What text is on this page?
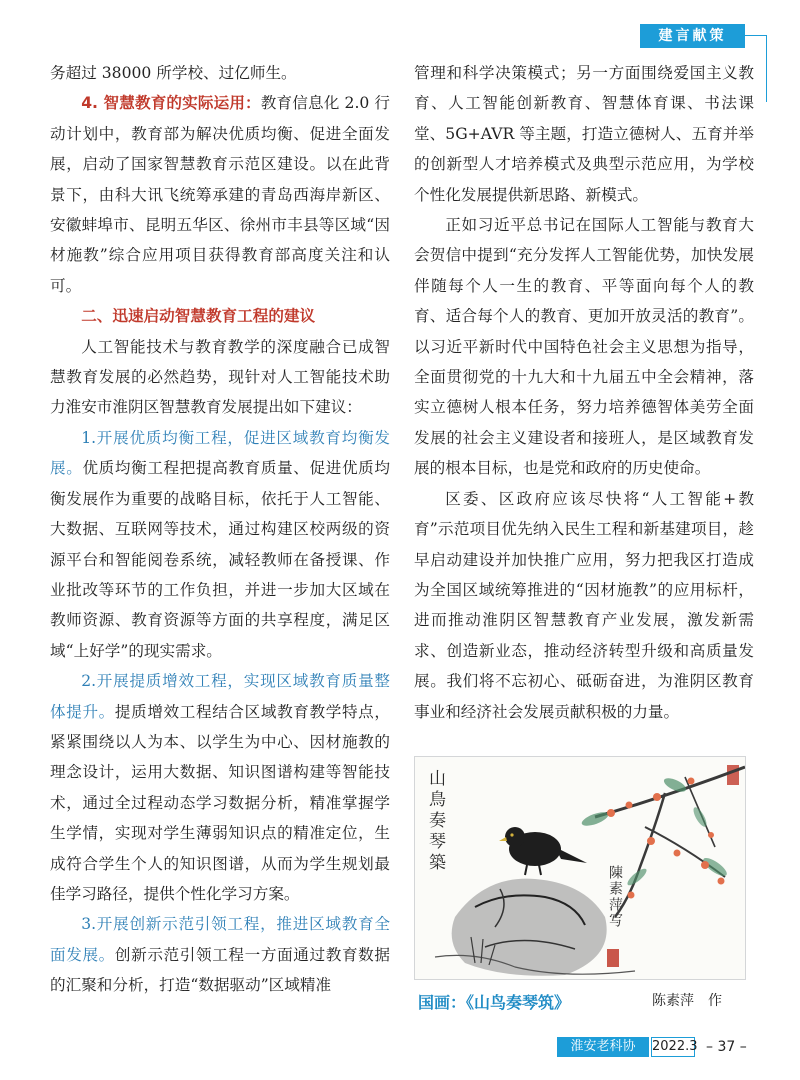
建言献策

务超过 38000 所学校、过亿师生。

4. 智慧教育的实际运用：教育信息化 2.0 行动计划中，教育部为解决优质均衡、促进全面发展，启动了国家智慧教育示范区建设。以在此背景下，由科大讯飞统筹承建的青岛西海岸新区、安徽蚌埠市、昆明五华区、徐州市丰县等区域“因材施教”综合应用项目获得教育部高度关注和认可。

二、迅速启动智慧教育工程的建议

人工智能技术与教育教学的深度融合已成智慧教育发展的必然趋势，现针对人工智能技术助力淮安市淮阴区智慧教育发展提出如下建议：

1.开展优质均衡工程，促进区域教育均衡发展。优质均衡工程把提高教育质量、促进优质均衡发展作为重要的战略目标，依托于人工智能、大数据、互联网等技术，通过构建区校两级的资源平台和智能阅卷系统，减轻教师在备授课、作业批改等环节的工作负担，并进一步加大区域在教师资源、教育资源等方面的共享程度，满足区域“上好学”的现实需求。

2.开展提质增效工程，实现区域教育质量整体提升。提质增效工程结合区域教育教学特点，紧紧围绕以人为本、以学生为中心、因材施教的理念设计，运用大数据、知识图谱构建等智能技术，通过全过程动态学习数据分析，精准掌握学生学情，实现对学生薄弱知识点的精准定位，生成符合学生个人的知识图谱，从而为学生规划最佳学习路径，提供个性化学习方案。

3.开展创新示范引领工程，推进区域教育全面发展。创新示范引领工程一方面通过教育数据的汇聚和分析，打造“数据驱动”区域精准

管理和科学决策模式；另一方面围绕爱国主义教育、人工智能创新教育、智慧体育课、书法课堂、5G+AVR 等主题，打造立德树人、五育并举的创新型人才培养模式及典型示范应用，为学校个性化发展提供新思路、新模式。

正如习近平总书记在国际人工智能与教育大会贺信中提到“充分发挥人工智能优势，加快发展伴随每个人一生的教育、平等面向每个人的教育、适合每个人的教育、更加开放灵活的教育”。以习近平新时代中国特色社会主义思想为指导，全面贯彻党的十九大和十九届五中全会精神，落实立德树人根本任务，努力培养德智体美劳全面发展的社会主义建设者和接班人，是区域教育发展的根本目标，也是党和政府的历史使命。

区委、区政府应该尽快将“人工智能+教育”示范项目优先纳入民生工程和新基建项目，趁早启动建设并加快推广应用，努力把我区打造成为全国区域统筹推进的“因材施教”的应用标杆，进而推动淮阴区智慧教育产业发展，激发新需求、创造新业态，推动经济转型升级和高质量发展。我们将不忘初心、砥砺奋进，为淮阴区教育事业和经济社会发展贡献积极的力量。

山鳥奏琴築
陳素萍写
国画：《山鸟奏琴筑》	陈素萍　作
淮安老科协	2022.3 – 37 –
